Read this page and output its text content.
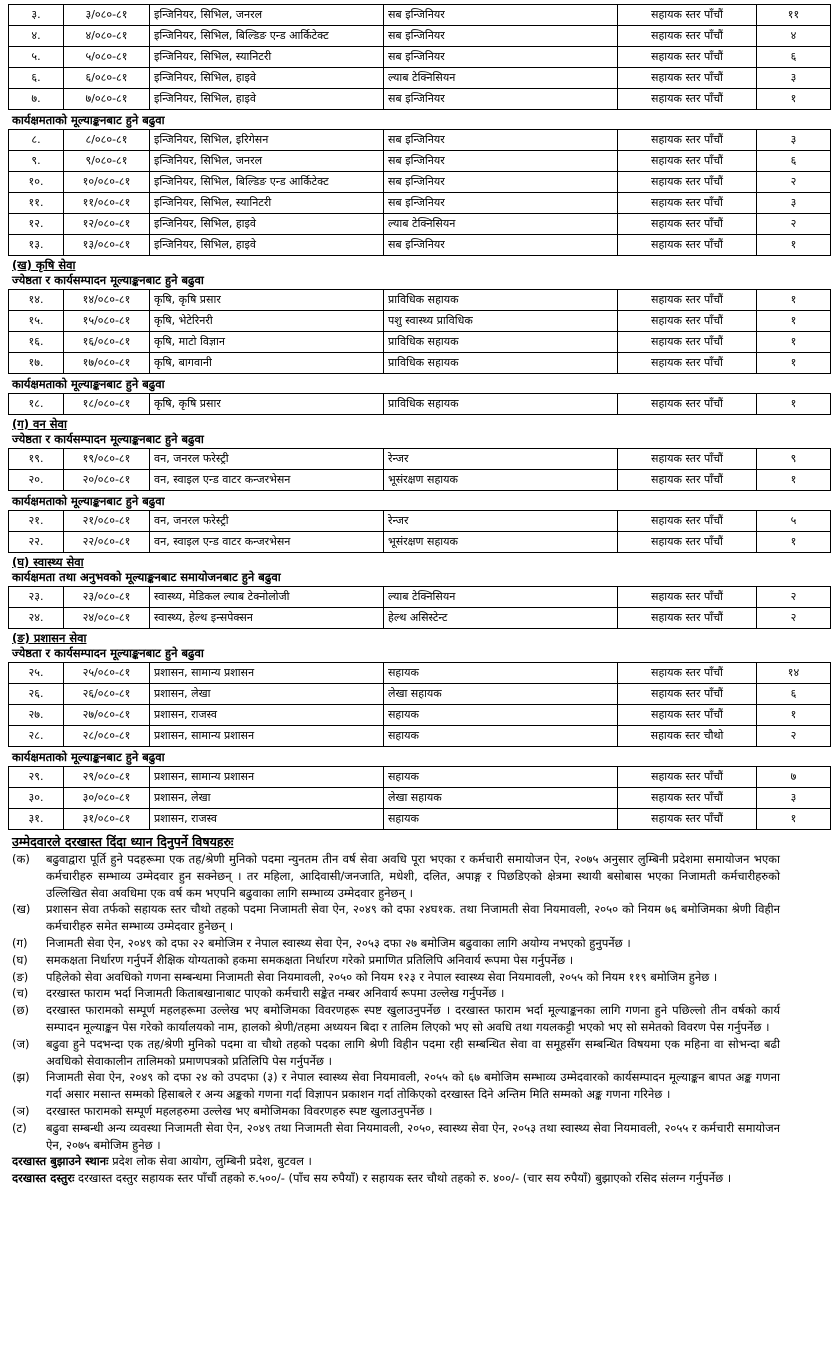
३.	३/०८०-८१	इन्जिनियर, सिभिल, जनरल	सब इन्जिनियर	सहायक स्तर पाँचौं	११
४.	४/०८०-८१	इन्जिनियर, सिभिल, बिल्डिङ एन्ड आर्किटेक्ट	सब इन्जिनियर	सहायक स्तर पाँचौं	४
५.	५/०८०-८१	इन्जिनियर, सिभिल, स्यानिटरी	सब इन्जिनियर	सहायक स्तर पाँचौं	६
६.	६/०८०-८१	इन्जिनियर, सिभिल, हाइवे	ल्याब टेक्निसियन	सहायक स्तर पाँचौं	३
७.	७/०८०-८१	इन्जिनियर, सिभिल, हाइवे	सब इन्जिनियर	सहायक स्तर पाँचौं	१
कार्यक्षमताको मूल्याङ्कनबाट हुने बढुवा
८.	८/०८०-८१	इन्जिनियर, सिभिल, इरिगेसन	सब इन्जिनियर	सहायक स्तर पाँचौं	३
९.	९/०८०-८१	इन्जिनियर, सिभिल, जनरल	सब इन्जिनियर	सहायक स्तर पाँचौं	६
१०.	१०/०८०-८१	इन्जिनियर, सिभिल, बिल्डिङ एन्ड आर्किटेक्ट	सब इन्जिनियर	सहायक स्तर पाँचौं	२
११.	११/०८०-८१	इन्जिनियर, सिभिल, स्यानिटरी	सब इन्जिनियर	सहायक स्तर पाँचौं	३
१२.	१२/०८०-८१	इन्जिनियर, सिभिल, हाइवे	ल्याब टेक्निसियन	सहायक स्तर पाँचौं	२
१३.	१३/०८०-८१	इन्जिनियर, सिभिल, हाइवे	सब इन्जिनियर	सहायक स्तर पाँचौं	१
(ख) कृषि सेवा
ज्येष्ठता र कार्यसम्पादन मूल्याङ्कनबाट हुने बढुवा
१४.	१४/०८०-८१	कृषि, कृषि प्रसार	प्राविधिक सहायक	सहायक स्तर पाँचौं	१
१५.	१५/०८०-८१	कृषि, भेटेरिनरी	पशु स्वास्थ्य प्राविधिक	सहायक स्तर पाँचौं	१
१६.	१६/०८०-८१	कृषि, माटो विज्ञान	प्राविधिक सहायक	सहायक स्तर पाँचौं	१
१७.	१७/०८०-८१	कृषि, बागवानी	प्राविधिक सहायक	सहायक स्तर पाँचौं	१
कार्यक्षमताको मूल्याङ्कनबाट हुने बढुवा
१८.	१८/०८०-८१	कृषि, कृषि प्रसार	प्राविधिक सहायक	सहायक स्तर पाँचौं	१
(ग) वन सेवा
ज्येष्ठता र कार्यसम्पादन मूल्याङ्कनबाट हुने बढुवा
१९.	१९/०८०-८१	वन, जनरल फरेस्ट्री	रेन्जर	सहायक स्तर पाँचौं	९
२०.	२०/०८०-८१	वन, स्वाइल एन्ड वाटर कन्जरभेसन	भूसंरक्षण सहायक	सहायक स्तर पाँचौं	१
कार्यक्षमताको मूल्याङ्कनबाट हुने बढुवा
२१.	२१/०८०-८१	वन, जनरल फरेस्ट्री	रेन्जर	सहायक स्तर पाँचौं	५
२२.	२२/०८०-८१	वन, स्वाइल एन्ड वाटर कन्जरभेसन	भूसंरक्षण सहायक	सहायक स्तर पाँचौं	१
(घ) स्वास्थ्य सेवा
कार्यक्षमता तथा अनुभवको मूल्याङ्कनबाट समायोजनबाट हुने बढुवा
२३.	२३/०८०-८१	स्वास्थ्य, मेडिकल ल्याब टेक्नोलोजी	ल्याब टेक्निसियन	सहायक स्तर पाँचौं	२
२४.	२४/०८०-८१	स्वास्थ्य, हेल्थ इन्सपेक्सन	हेल्थ असिस्टेन्ट	सहायक स्तर पाँचौं	२
(ङ) प्रशासन सेवा
ज्येष्ठता र कार्यसम्पादन मूल्याङ्कनबाट हुने बढुवा
२५.	२५/०८०-८१	प्रशासन, सामान्य प्रशासन	सहायक	सहायक स्तर पाँचौं	१४
२६.	२६/०८०-८१	प्रशासन, लेखा	लेखा सहायक	सहायक स्तर पाँचौं	६
२७.	२७/०८०-८१	प्रशासन, राजस्व	सहायक	सहायक स्तर पाँचौं	१
२८.	२८/०८०-८१	प्रशासन, सामान्य प्रशासन	सहायक	सहायक स्तर चौथो	२
कार्यक्षमताको मूल्याङ्कनबाट हुने बढुवा
२९.	२९/०८०-८१	प्रशासन, सामान्य प्रशासन	सहायक	सहायक स्तर पाँचौं	७
३०.	३०/०८०-८१	प्रशासन, लेखा	लेखा सहायक	सहायक स्तर पाँचौं	३
३१.	३१/०८०-८१	प्रशासन, राजस्व	सहायक	सहायक स्तर पाँचौं	१
उम्मेदवारले दरखास्त दिंदा ध्यान दिनुपर्ने विषयहरुः
(क)	बढुवाद्वारा पूर्ति हुने पदहरूमा एक तह/श्रेणी मुनिको पदमा न्युनतम तीन वर्ष सेवा अवधि पूरा भएका र कर्मचारी समायोजन ऐन, २०७५ अनुसार लुम्बिनी प्रदेशमा समायोजन भएका कर्मचारीहरु सम्भाव्य उम्मेदवार हुन सक्नेछन् । तर महिला, आदिवासी/जनजाति, मधेशी, दलित, अपाङ्ग र पिछडिएको क्षेत्रमा स्थायी बसोबास भएका निजामती कर्मचारीहरुको उल्लिखित सेवा अवधिमा एक वर्ष कम भएपनि बढुवाका लागि सम्भाव्य उम्मेदवार हुनेछन् ।
(ख)	प्रशासन सेवा तर्फको सहायक स्तर चौथो तहको पदमा निजामती सेवा ऐन, २०४९ को दफा २४घ१क. तथा निजामती सेवा नियमावली, २०५० को नियम ७६ बमोजिमका श्रेणी विहीन कर्मचारीहरु समेत सम्भाव्य उम्मेदवार हुनेछन् ।
(ग)	निजामती सेवा ऐन, २०४९ को दफा २२ बमोजिम र नेपाल स्वास्थ्य सेवा ऐन, २०५३ दफा २७ बमोजिम बढुवाका लागि अयोग्य नभएको हुनुपर्नेछ ।
(घ)	समकक्षता निर्धारण गर्नुपर्ने शैक्षिक योग्यताको हकमा समकक्षता निर्धारण गरेको प्रमाणित प्रतिलिपि अनिवार्य रूपमा पेस गर्नुपर्नेछ ।
(ङ)	पहिलेको सेवा अवधिको गणना सम्बन्धमा निजामती सेवा नियमावली, २०५० को नियम १२३ र नेपाल स्वास्थ्य सेवा नियमावली, २०५५ को नियम ११९ बमोजिम हुनेछ ।
(च)	दरखास्त फाराम भर्दा निजामती किताबखानाबाट पाएको कर्मचारी सङ्केत नम्बर अनिवार्य रूपमा उल्लेख गर्नुपर्नेछ ।
(छ)	दरखास्त फारामको सम्पूर्ण महलहरूमा उल्लेख भए बमोजिमका विवरणहरू स्पष्ट खुलाउनुपर्नेछ । दरखास्त फाराम भर्दा मूल्याङ्कनका लागि गणना हुने पछिल्लो तीन वर्षको कार्य सम्पादन मूल्याङ्कन पेस गरेको कार्यालयको नाम, हालको श्रेणी/तहमा अध्ययन बिदा र तालिम लिएको भए सो अवधि तथा गयलकट्टी भएको भए सो समेतको विवरण पेस गर्नुपर्नेछ ।
(ज)	बढुवा हुने पदभन्दा एक तह/श्रेणी मुनिको पदमा वा चौथो तहको पदका लागि श्रेणी विहीन पदमा रही सम्बन्धित सेवा वा समूहसँग सम्बन्धित विषयमा एक महिना वा सोभन्दा बढी अवधिको सेवाकालीन तालिमको प्रमाणपत्रको प्रतिलिपि पेस गर्नुपर्नेछ ।
(झ)	निजामती सेवा ऐन, २०४९ को दफा २४ को उपदफा (३) र नेपाल स्वास्थ्य सेवा नियमावली, २०५५ को ६७ बमोजिम सम्भाव्य उम्मेदवारको कार्यसम्पादन मूल्याङ्कन बापत अङ्क गणना गर्दा असार मसान्त सम्मको हिसाबले र अन्य अङ्कको गणना गर्दा विज्ञापन प्रकाशन गर्दा तोकिएको दरखास्त दिने अन्तिम मिति सम्मको अङ्क गणना गरिनेछ ।
(ञ)	दरखास्त फारामको सम्पूर्ण महलहरुमा उल्लेख भए बमोजिमका विवरणहरु स्पष्ट खुलाउनुपर्नेछ ।
(ट)	बढुवा सम्बन्धी अन्य व्यवस्था निजामती सेवा ऐन, २०४९ तथा निजामती सेवा नियमावली, २०५०, स्वास्थ्य सेवा ऐन, २०५३ तथा स्वास्थ्य सेवा नियमावली, २०५५ र कर्मचारी समायोजन ऐन, २०७५ बमोजिम हुनेछ ।
दरखास्त बुझाउने स्थानः प्रदेश लोक सेवा आयोग, लुम्बिनी प्रदेश, बुटवल ।
दरखास्त दस्तुरः दरखास्त दस्तुर सहायक स्तर पाँचौं तहको रु.५००/- (पाँच सय रुपैयाँ) र सहायक स्तर चौथो तहको रु. ४००/- (चार सय रुपैयाँ) बुझाएको रसिद संलग्न गर्नुपर्नेछ ।
